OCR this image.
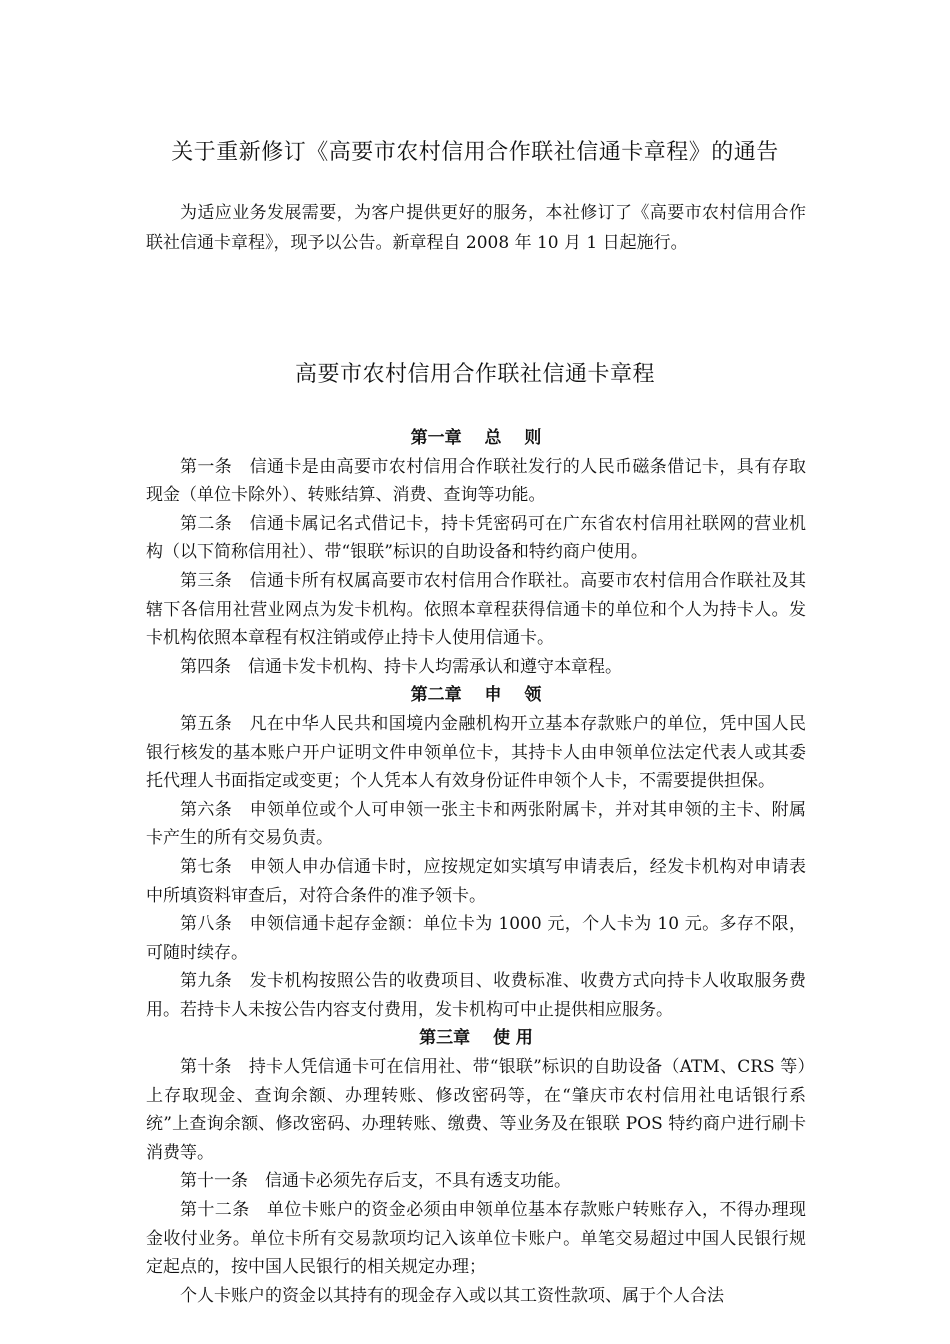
关于重新修订《高要市农村信用合作联社信通卡章程》的通告

为适应业务发展需要，为客户提供更好的服务，本社修订了《高要市农村信用合作联社信通卡章程》，现予以公告。新章程自 2008 年 10 月 1 日起施行。

高要市农村信用合作联社信通卡章程
第一章　 总　 则

第一条　信通卡是由高要市农村信用合作联社发行的人民币磁条借记卡，具有存取现金（单位卡除外）、转账结算、消费、查询等功能。

第二条　信通卡属记名式借记卡，持卡凭密码可在广东省农村信用社联网的营业机构（以下简称信用社）、带“银联”标识的自助设备和特约商户使用。

第三条　信通卡所有权属高要市农村信用合作联社。高要市农村信用合作联社及其辖下各信用社营业网点为发卡机构。依照本章程获得信通卡的单位和个人为持卡人。发卡机构依照本章程有权注销或停止持卡人使用信通卡。

第四条　信通卡发卡机构、持卡人均需承认和遵守本章程。

第二章　 申　 领

第五条　凡在中华人民共和国境内金融机构开立基本存款账户的单位，凭中国人民银行核发的基本账户开户证明文件申领单位卡，其持卡人由申领单位法定代表人或其委托代理人书面指定或变更；个人凭本人有效身份证件申领个人卡，不需要提供担保。

第六条　申领单位或个人可申领一张主卡和两张附属卡，并对其申领的主卡、附属卡产生的所有交易负责。

第七条　申领人申办信通卡时，应按规定如实填写申请表后，经发卡机构对申请表中所填资料审查后，对符合条件的准予领卡。

第八条　申领信通卡起存金额：单位卡为 1000 元，个人卡为 10 元。多存不限，可随时续存。

第九条　发卡机构按照公告的收费项目、收费标准、收费方式向持卡人收取服务费用。若持卡人未按公告内容支付费用，发卡机构可中止提供相应服务。

第三章　 使 用

第十条　持卡人凭信通卡可在信用社、带“银联”标识的自助设备（ATM、CRS 等）上存取现金、查询余额、办理转账、修改密码等，在“肇庆市农村信用社电话银行系统”上查询余额、修改密码、办理转账、缴费、等业务及在银联 POS 特约商户进行刷卡消费等。

第十一条　信通卡必须先存后支，不具有透支功能。

第十二条　单位卡账户的资金必须由申领单位基本存款账户转账存入，不得办理现金收付业务。单位卡所有交易款项均记入该单位卡账户。单笔交易超过中国人民银行规定起点的，按中国人民银行的相关规定办理；

个人卡账户的资金以其持有的现金存入或以其工资性款项、属于个人合法
